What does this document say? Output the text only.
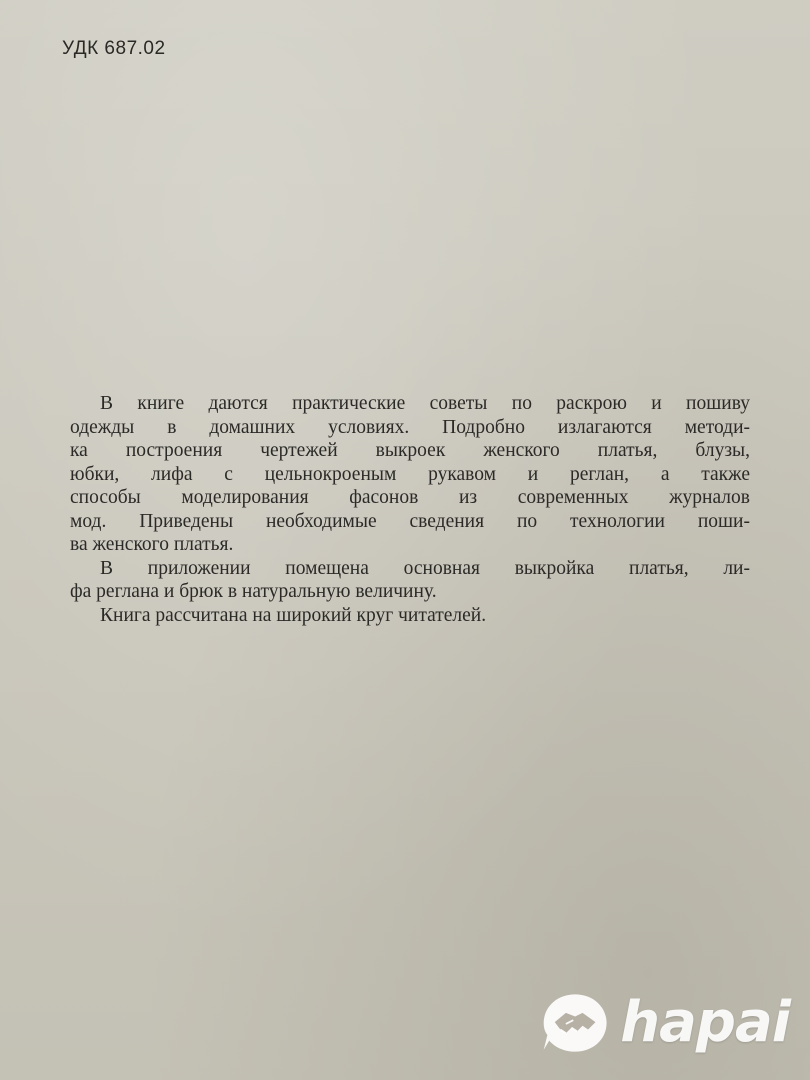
УДК 687.02
В книге даются практические советы по раскрою и пошиву
одежды в домашних условиях. Подробно излагаются методи-
ка построения чертежей выкроек женского платья, блузы,
юбки, лифа с цельнокроеным рукавом и реглан, а также
способы моделирования фасонов из современных журналов
мод. Приведены необходимые сведения по технологии поши-
ва женского платья.
В приложении помещена основная выкройка платья, ли-
фа реглана и брюк в натуральную величину.
Книга рассчитана на широкий круг читателей.
hapai
